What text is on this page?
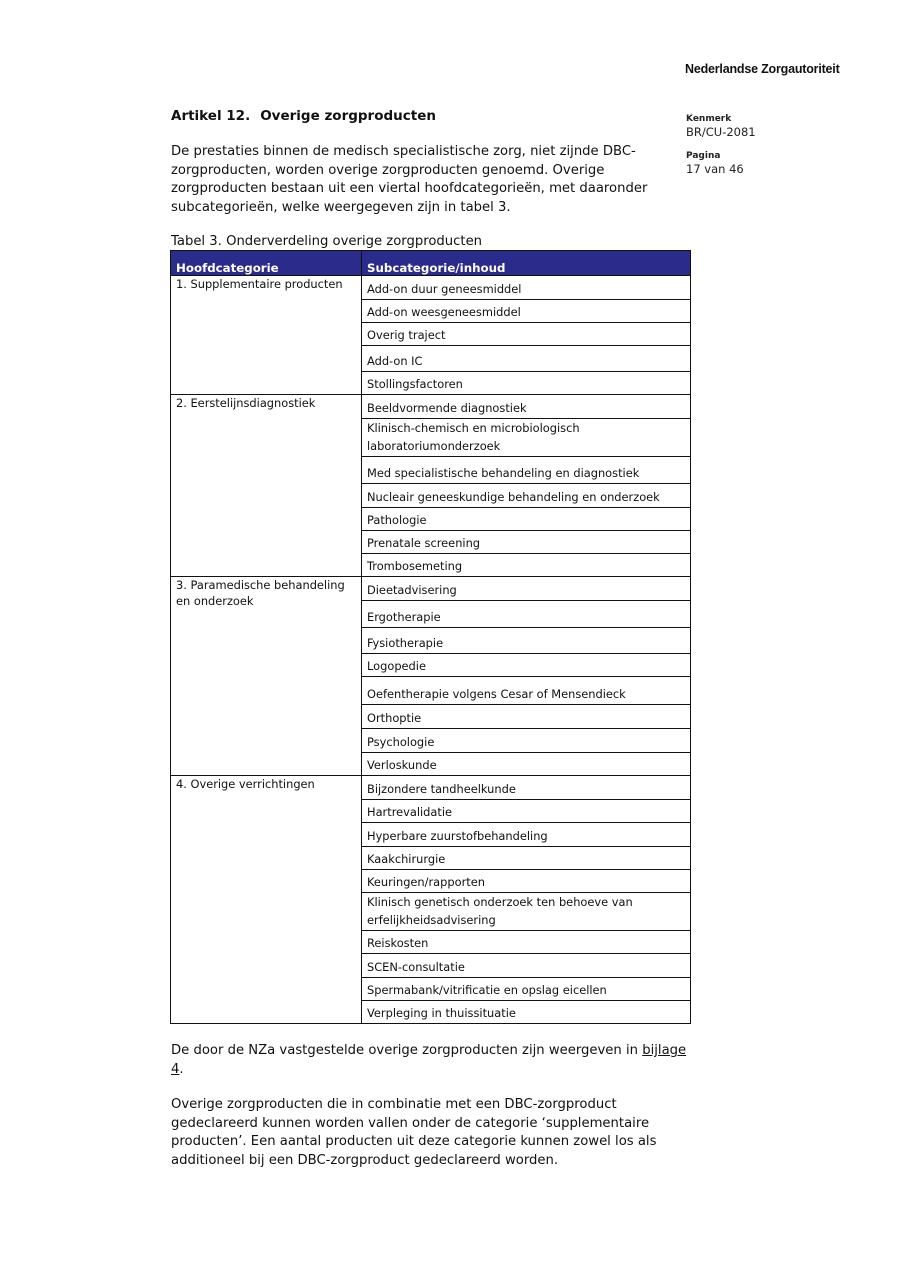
Nederlandse Zorgautoriteit
Kenmerk
BR/CU-2081
Pagina
17 van 46
Artikel 12. Overige zorgproducten

De prestaties binnen de medisch specialistische zorg, niet zijnde DBC-zorgproducten, worden overige zorgproducten genoemd. Overige zorgproducten bestaan uit een viertal hoofdcategorieën, met daaronder subcategorieën, welke weergegeven zijn in tabel 3.

Tabel 3. Onderverdeling overige zorgproducten
Hoofdcategorie	Subcategorie/inhoud
1. Supplementaire producten	Add-on duur geneesmiddel
	Add-on weesgeneesmiddel
	Overig traject
	Add-on IC
	Stollingsfactoren
2. Eerstelijnsdiagnostiek	Beeldvormende diagnostiek
	Klinisch-chemisch en microbiologisch laboratoriumonderzoek
	Med specialistische behandeling en diagnostiek
	Nucleair geneeskundige behandeling en onderzoek
	Pathologie
	Prenatale screening
	Trombosemeting
3. Paramedische behandeling en onderzoek	Dieetadvisering
	Ergotherapie
	Fysiotherapie
	Logopedie
	Oefentherapie volgens Cesar of Mensendieck
	Orthoptie
	Psychologie
	Verloskunde
4. Overige verrichtingen	Bijzondere tandheelkunde
	Hartrevalidatie
	Hyperbare zuurstofbehandeling
	Kaakchirurgie
	Keuringen/rapporten
	Klinisch genetisch onderzoek ten behoeve van erfelijkheidsadvisering
	Reiskosten
	SCEN-consultatie
	Spermabank/vitrificatie en opslag eicellen
	Verpleging in thuissituatie

De door de NZa vastgestelde overige zorgproducten zijn weergeven in bijlage 4.

Overige zorgproducten die in combinatie met een DBC-zorgproduct gedeclareerd kunnen worden vallen onder de categorie ‘supplementaire producten’. Een aantal producten uit deze categorie kunnen zowel los als additioneel bij een DBC-zorgproduct gedeclareerd worden.
